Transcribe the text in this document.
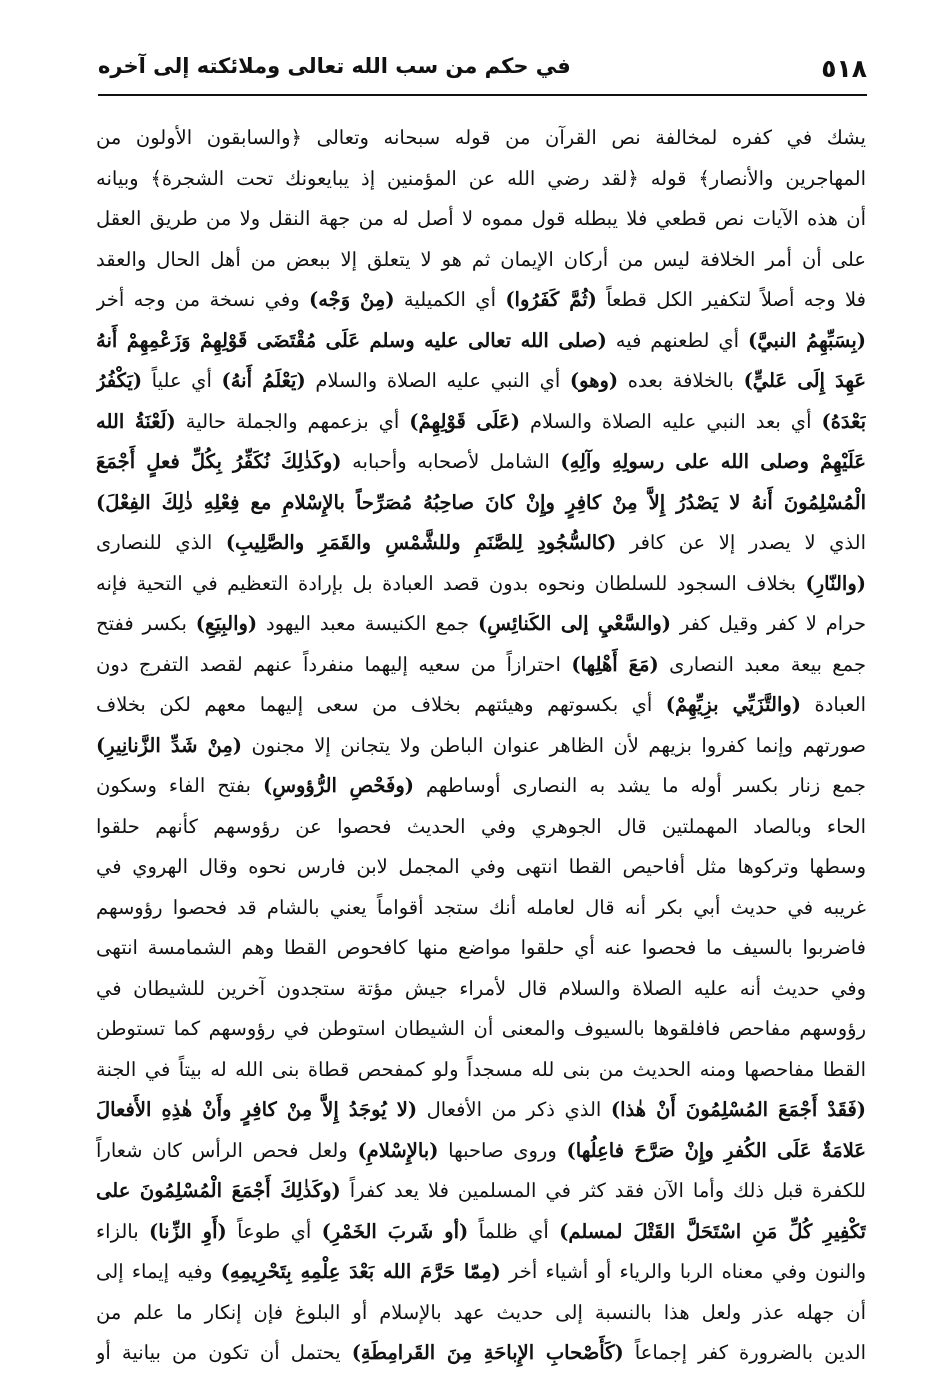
٥١٨
في حكم من سب الله تعالى وملائكته إلى آخره
يشك في كفره لمخالفة نص القرآن من قوله سبحانه وتعالى ﴿والسابقون الأولون من
المهاجرين والأنصار﴾ قوله ﴿لقد رضي الله عن المؤمنين إذ يبايعونك تحت الشجرة﴾ وبيانه
أن هذه الآيات نص قطعي فلا يبطله قول مموه لا أصل له من جهة النقل ولا من طريق العقل
على أن أمر الخلافة ليس من أركان الإيمان ثم هو لا يتعلق إلا ببعض من أهل الحال والعقد
فلا وجه أصلاً لتكفير الكل قطعاً (ثُمَّ كَفَرُوا) أي الكميلية (مِنْ وَجْه) وفي نسخة من وجه أخر
(بِسَبِّهِمُ النبيَّ) أي لطعنهم فيه (صلى الله تعالى عليه وسلم عَلَى مُقْتَضَى قَوْلِهِمْ وَزَعْمِهِمْ أَنهُ
عَهِدَ إِلَى عَليٍّ) بالخلافة بعده (وهو) أي النبي عليه الصلاة والسلام (يَعْلَمُ أَنهُ) أي علياً (يَكْفُرُ
بَعْدَهُ) أي بعد النبي عليه الصلاة والسلام (عَلَى قَوْلِهِمْ) أي بزعمهم والجملة حالية (لَعْنَةُ الله
عَلَيْهِمْ وصلى الله على رسولِهِ وآلِهِ) الشامل لأصحابه وأحبابه (وكَذٰلِكَ نُكَفِّرُ بِكُلِّ فعلٍ أَجْمَعَ
الْمُسْلِمُونَ أَنهُ لا يَصْدُرُ إِلاَّ مِنْ كافِرٍ وإِنْ كانَ صاحِبُهُ مُصَرِّحاً بالإِسْلامِ مع فِعْلِهِ ذٰلِكَ الفِعْلَ)
الذي لا يصدر إلا عن كافر (كالسُّجُودِ لِلصَّنَمِ وللشَّمْسِ والقَمَرِ والصَّلِيبِ) الذي للنصارى
(والنّارِ) بخلاف السجود للسلطان ونحوه بدون قصد العبادة بل بإرادة التعظيم في التحية فإنه
حرام لا كفر وقيل كفر (والسَّعْيِ إلى الكَنائِسِ) جمع الكنيسة معبد اليهود (والبِيَعِ) بكسر ففتح
جمع بيعة معبد النصارى (مَعَ أَهْلِها) احترازاً من سعيه إليهما منفرداً عنهم لقصد التفرج دون
العبادة (والتَّزَيِّي بزِيِّهِمْ) أي بكسوتهم وهيئتهم بخلاف من سعى إليهما معهم لكن بخلاف
صورتهم وإنما كفروا بزيهم لأن الظاهر عنوان الباطن ولا يتجانن إلا مجنون (مِنْ شَدِّ الزَّنانِيرِ)
جمع زنار بكسر أوله ما يشد به النصارى أوساطهم (وفَحْصِ الرُّؤوسِ) بفتح الفاء وسكون
الحاء وبالصاد المهملتين قال الجوهري وفي الحديث فحصوا عن رؤوسهم كأنهم حلقوا
وسطها وتركوها مثل أفاحيص القطا انتهى وفي المجمل لابن فارس نحوه وقال الهروي في
غريبه في حديث أبي بكر أنه قال لعامله أنك ستجد أقواماً يعني بالشام قد فحصوا رؤوسهم
فاضربوا بالسيف ما فحصوا عنه أي حلقوا مواضع منها كافحوص القطا وهم الشمامسة انتهى
وفي حديث أنه عليه الصلاة والسلام قال لأمراء جيش مؤتة ستجدون آخرين للشيطان في
رؤوسهم مفاحص فافلقوها بالسيوف والمعنى أن الشيطان استوطن في رؤوسهم كما تستوطن
القطا مفاحصها ومنه الحديث من بنى لله مسجداً ولو كمفحص قطاة بنى الله له بيتاً في الجنة
(فَقَدْ أَجْمَعَ المُسْلِمُونَ أَنْ هٰذا) الذي ذكر من الأفعال (لا يُوجَدُ إِلاَّ مِنْ كافِرٍ وأَنْ هٰذِهِ الأَفعالَ
عَلامَةٌ عَلَى الكُفرِ وإِنْ صَرَّحَ فاعِلُها) وروى صاحبها (بالإِسْلامِ) ولعل فحص الرأس كان شعاراً
للكفرة قبل ذلك وأما الآن فقد كثر في المسلمين فلا يعد كفراً (وكَذٰلِكَ أَجْمَعَ الْمُسْلِمُونَ على
تَكْفِيرِ كُلِّ مَنِ اسْتَحَلَّ القَتْلَ لمسلم) أي ظلماً (أو شَربَ الخَمْرِ) أي طوعاً (أَوِ الزِّنا) بالزاء
والنون وفي معناه الربا والرياء أو أشياء أخر (مِمّا حَرَّمَ الله بَعْدَ عِلْمِهِ بِتَحْرِيمِهِ) وفيه إيماء إلى
أن جهله عذر ولعل هذا بالنسبة إلى حديث عهد بالإسلام أو البلوغ فإن إنكار ما علم من
الدين بالضرورة كفر إجماعاً (كَأَصْحابِ الإِباحَةِ مِنَ القَرامِطَةِ) يحتمل أن تكون من بيانية أو
